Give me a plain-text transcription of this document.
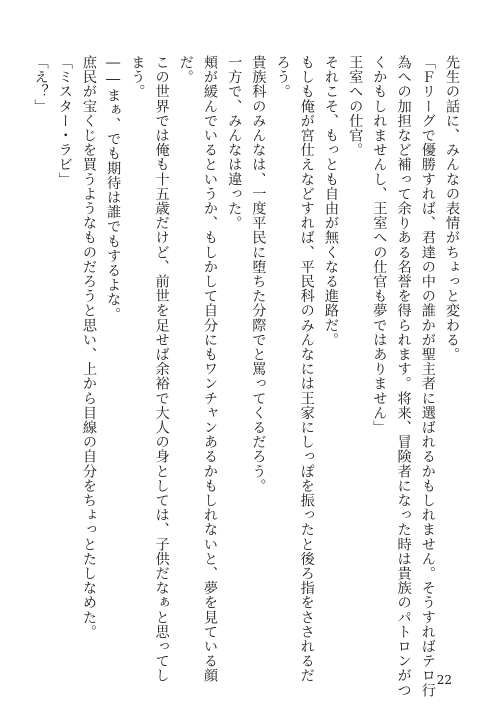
先生の話に、みんなの表情がちょっと変わる。
「Ｆリーグで優勝すれば、君達の中の誰かが聖主者に選ばれるかもしれません。そうすればテロ行
為への加担など補って余りある名誉を得られます。将来、冒険者になった時は貴族のパトロンがつ
くかもしれませんし、王室への仕官も夢ではありません」
王室への仕官。
それこそ、もっとも自由が無くなる進路だ。
もしも俺が宮仕えなどすれば、平民科のみんなには王家にしっぽを振ったと後ろ指をさされるだ
ろう。
貴族科のみんなは、一度平民に堕ちた分際でと罵ってくるだろう。
一方で、みんなは違った。
頬が緩んでいるというか、もしかして自分にもワンチャンあるかもしれないと、夢を見ている顔
だ。
この世界では俺も十五歳だけど、前世を足せば余裕で大人の身としては、子供だなぁと思ってし
まう。
――まぁ、でも期待は誰でもするよな。
庶民が宝くじを買うようなものだろうと思い、上から目線の自分をちょっとたしなめた。
「ミスター・ラビ」
「え？」
22
